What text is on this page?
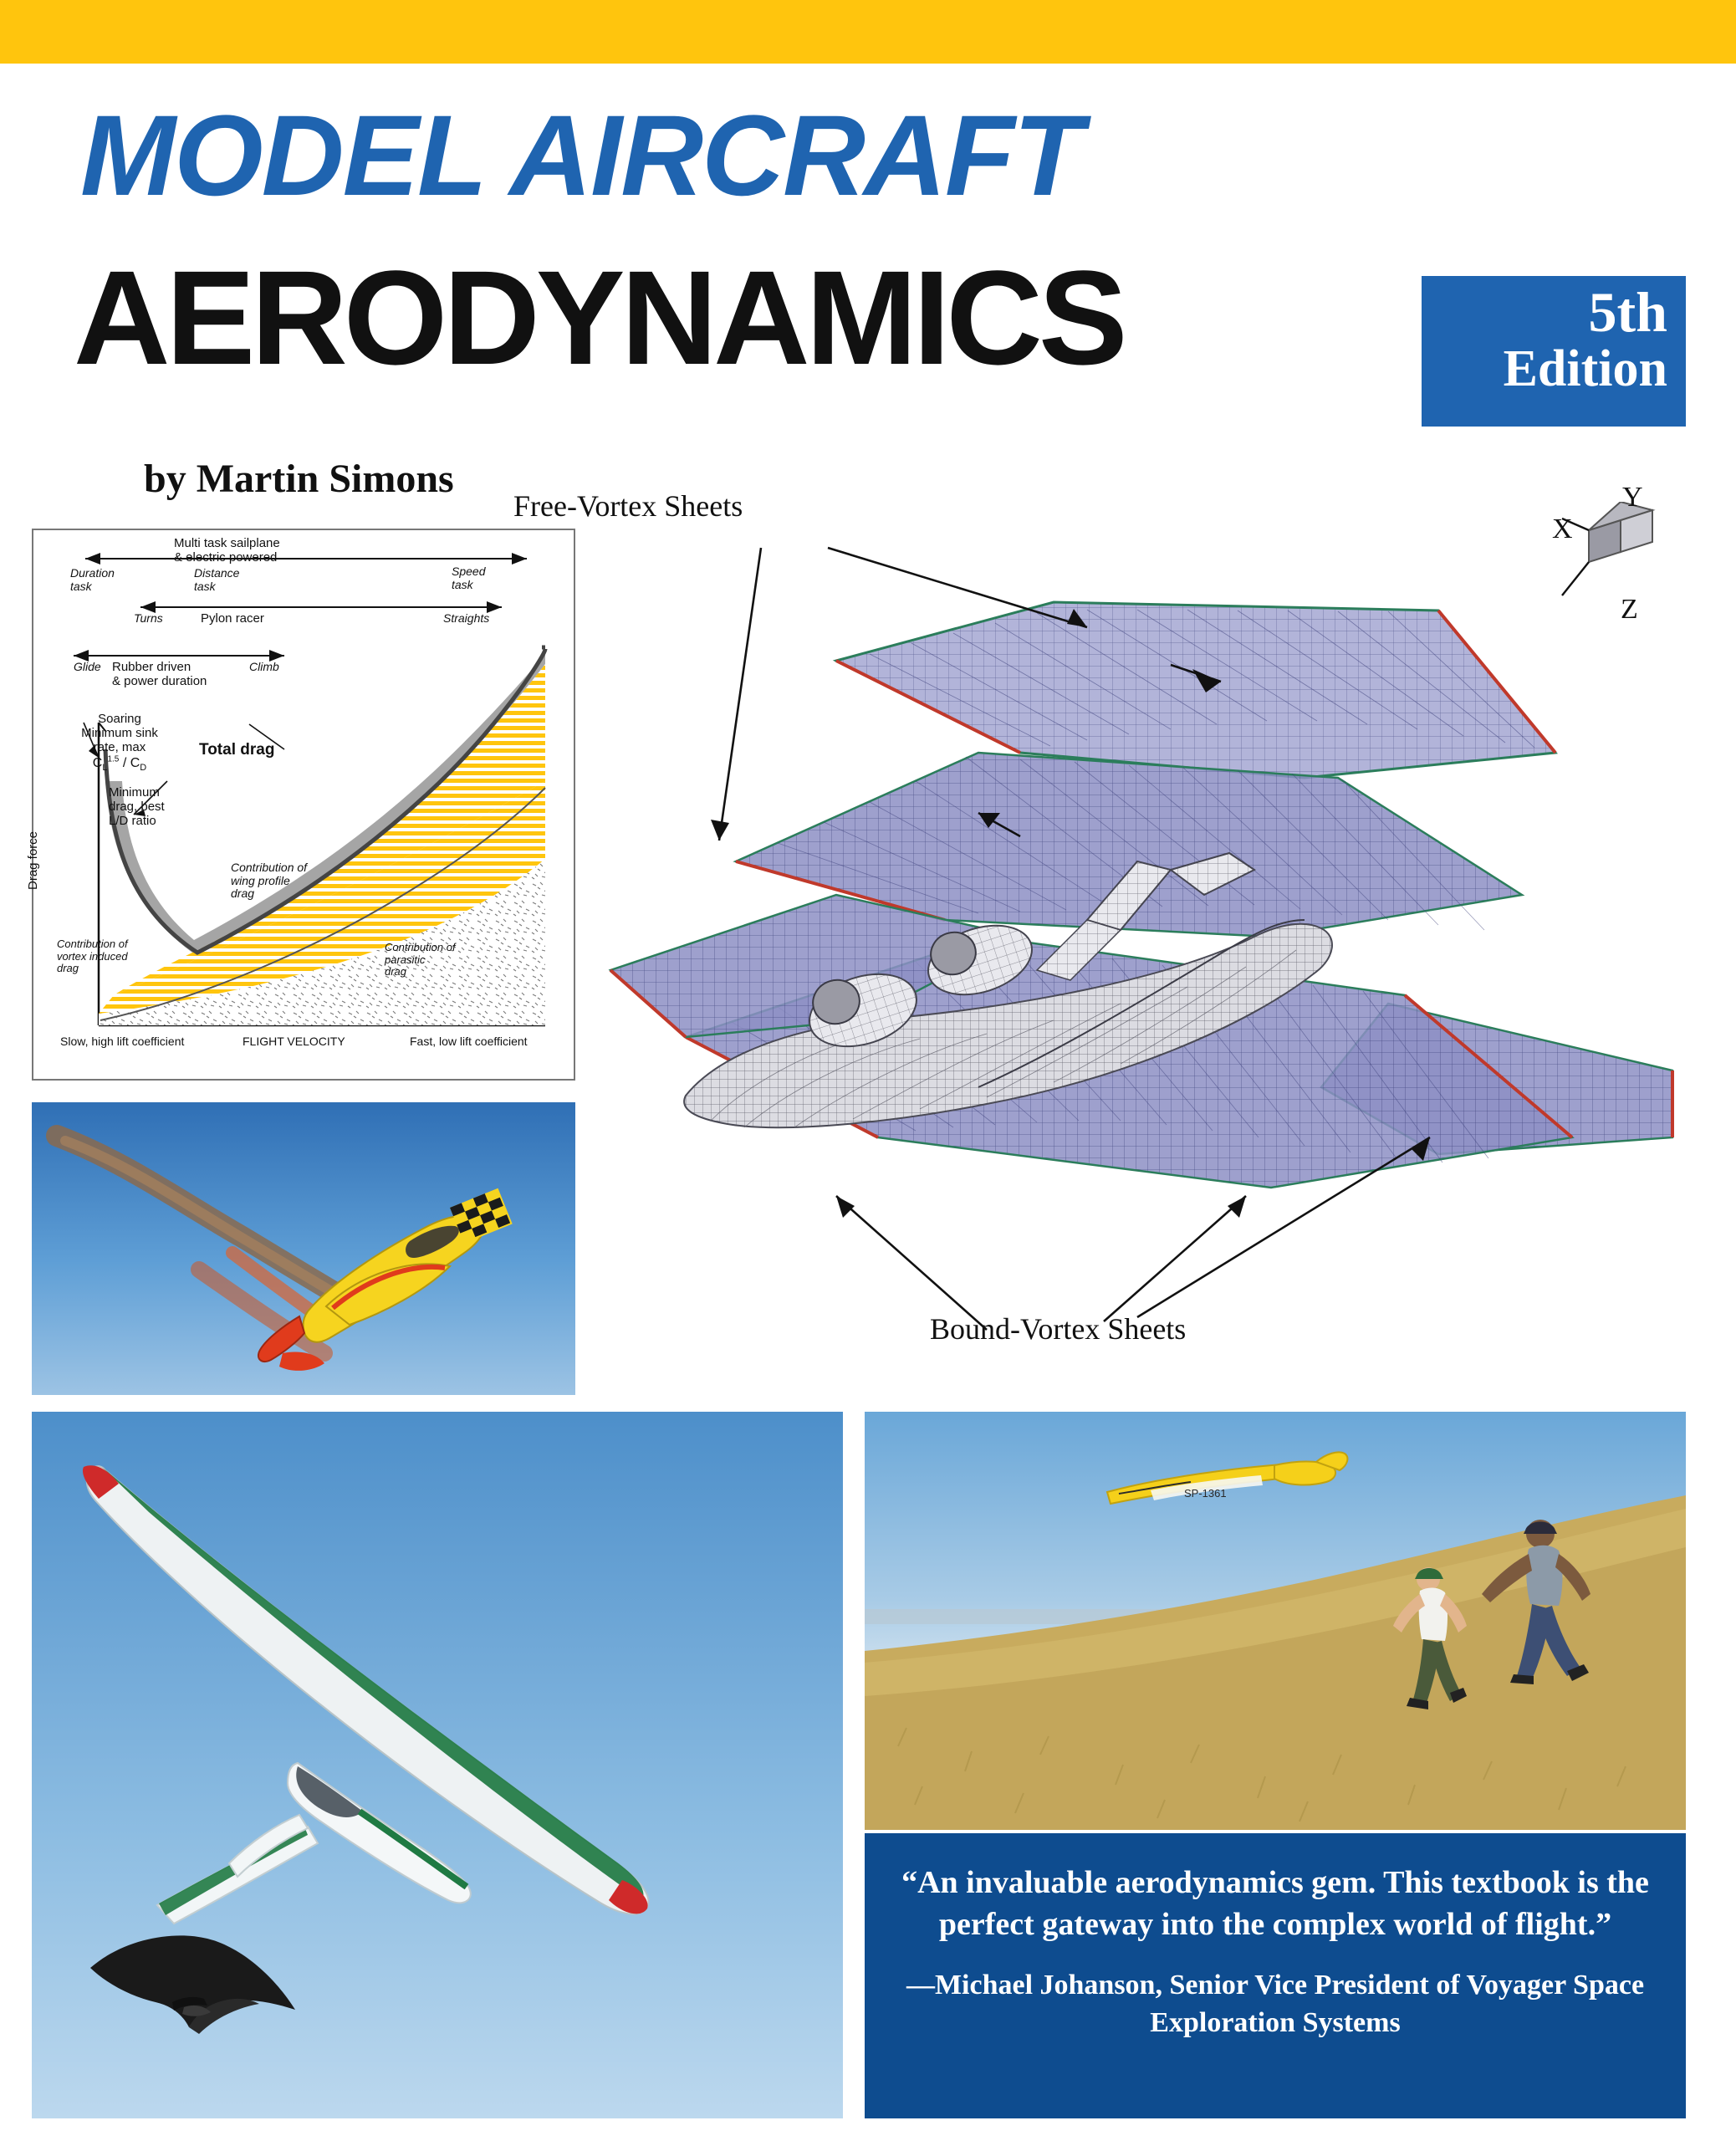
MODEL AIRCRAFT
AERODYNAMICS	5th
Edition
by Martin Simons
Multi task sailplane
& electric powered
Duration
task
Distance
task
Speed
task
Turns	Pylon racer	Straights
Glide Rubber driven
& power duration
Climb
Soaring
Minimum sink
rate, max
$C_L^{1.5} / C_D$
Minimum
drag, best
L/D ratio
Total drag
Contribution of
wing profile
drag
Contribution of
vortex induced
drag
Contribution of
parasitic
drag
Drag force
Slow, high lift coefficient	FLIGHT VELOCITY	Fast, low lift coefficient
Free-Vortex Sheets
Bound-Vortex Sheets
Y
X
Z
SP-1361
“An invaluable aerodynamics gem. This textbook is the perfect gateway into the complex world of flight.”
—Michael Johanson, Senior Vice President of Voyager Space Exploration Systems
